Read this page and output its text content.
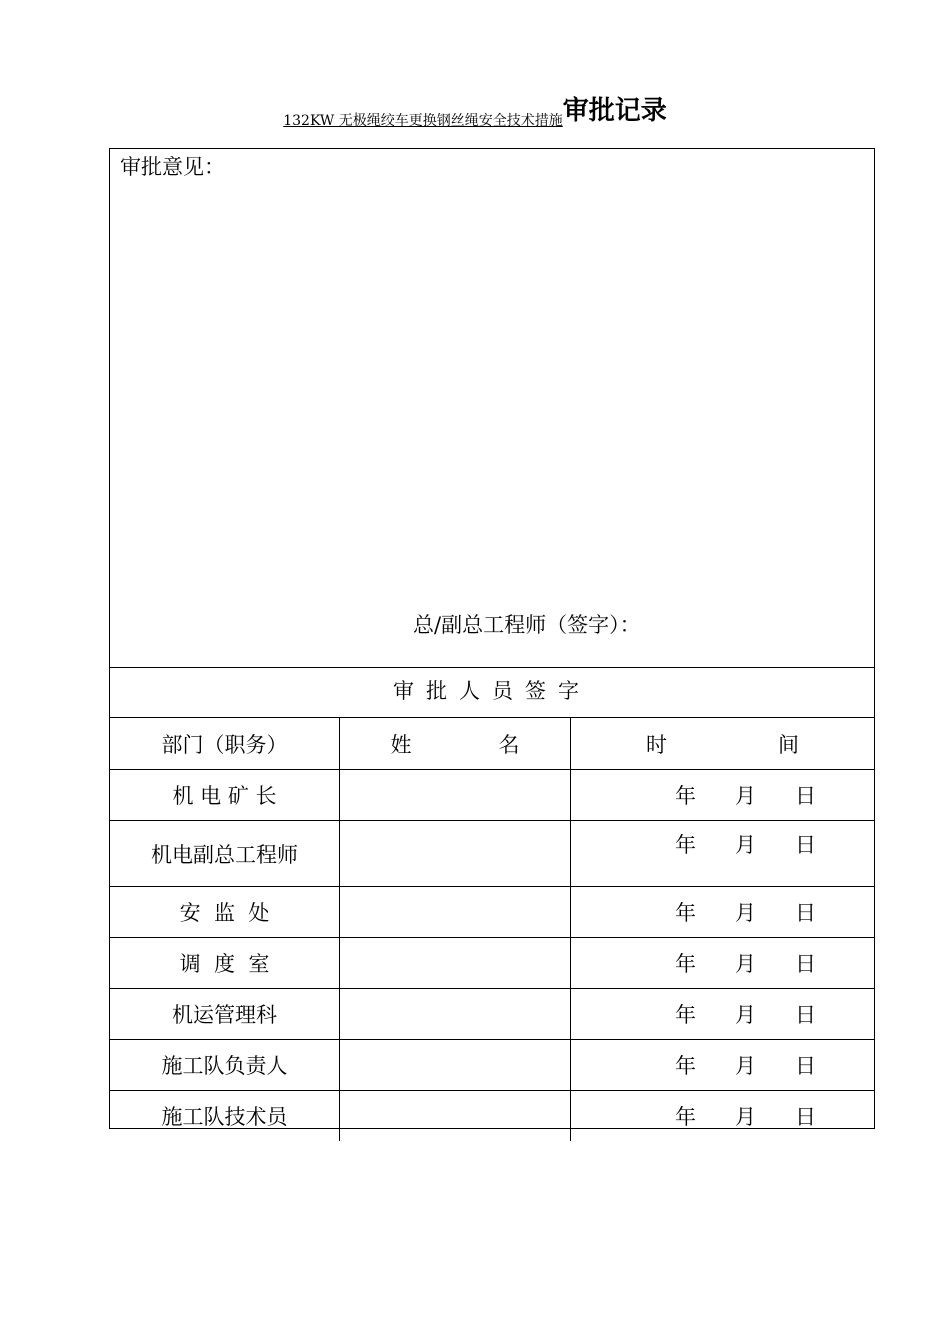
132KW 无极绳绞车更换钢丝绳安全技术措施审批记录
审批意见：
总/副总工程师（签字）：
审批人员签字
部门（职务）	姓 名	时 间
机 电 矿 长		年 月 日
机电副总工程师		年 月 日
安  监  处		年 月 日
调  度  室		年 月 日
机运管理科		年 月 日
施工队负责人		年 月 日
施工队技术员		年 月 日
